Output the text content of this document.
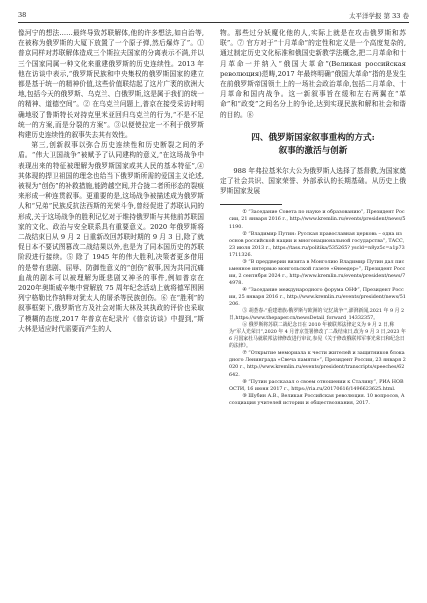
38	太平洋学报 第 33 卷

像河宁的想法……最终导致苏联解体,他的许多想法,如自治等,在被称为俄罗斯的大厦下放置了一个原子弹,然后爆炸了”。① 普京同样对苏联解体造成三个斯拉夫国家的分离表示不满,并以三个国家同属一种文化来重建俄罗斯的历史连续性。2013 年他在访谈中表示,“俄罗斯民族和中央集权的俄罗斯国家的建立都是基于统一的精神价值,这些价值联结起了这片广袤的欧洲大地,包括今天的俄罗斯、乌克兰、白俄罗斯,这是属于我们的统一的精神、道德空间”。② 在乌克兰问题上,普京在接受采访时明确地驳了鲁斯特长对持克里米亚回归乌克兰的行为,“不是不足统一的方案,而是分裂的方案”。③以便使拉定一不利于俄罗斯构建历史连续性的叙事失去其有效性。

第三,创新叙事以弥合历史连续性和历史断裂之间的矛盾。“伟大卫国战争”被赋予了认同建构的意义,“在这场战争中表现出来的特征被理解为俄罗斯国家或其人民的基本特征”,④ 其体现的捍卫祖国的理念也给当下俄罗斯所需的爱国主义论述,被视为“创伤”的补救措施,能跨越空间,并合拢二者所形态的裂痕来形成一种连贯叙事。更重要的是,这场战争被描述成为俄罗斯人和“兄弟”民族反抗法西斯的光荣斗争,曾经促进了苏联认同的形成,关于这场战争的胜利记忆对于维持俄罗斯与其他前苏联国家的文化、政治与安全联系具有重要意义。2020 年俄罗斯将二战结束日从 9 月 2 日重新改回苏联时期的 9 月 3 日,除了就促日本不要试图篡改二战结果以外,也是为了同本国历史的苏联阶段进行接续。⑤ 除了 1945 年的伟大胜利,决策者更多借用的是带有悲剧、屈辱、防御性意义的“创伤”叙事,因为共同沉痛血战的剧本可以被理解为既悲剧又神圣的事件,例如普京在 2020年奥斯威辛集中营解放 75 周年纪念活动上就将德军围困列宁格勒比作纳粹对犹太人的屠杀等民族创伤。⑥ 在“胜利”的叙事框架下,俄罗斯官方及社会对斯大林及其执政的评价也采取了模糊的态度,2017 年普京在纪录片《普京访谈》中提到,“斯大林是适应时代需要而产生的人

物。那些过分妖魔化他的人,实际上就是在攻击俄罗斯和苏联”。⑦ 官方对于“十月革命”的定性和定义是一个高度复杂的,通过制定历史文化标准和俄国史新教学法概念,把二月革命和十月革命一并纳入“俄国大革命”(Великая российская революция)范畴,2017 年最终明确“俄国大革命”指的是发生在前俄罗斯帝国领土上的一场社会政治革命,包括二月革命、十月革命和国内战争。这一新叙事旨在缓和左右两翼在“革命”和“政变”之间名分上的争论,达到实现民族和解和社会和谐的目的。⑧

四、俄罗斯国家叙事重构的方式:
叙事的激活与创新

988 年弗拉基米尔大公为俄罗斯人选择了基督教,为国家奠定了社会共识、国家荣誉、外部承认的长期基础。从历史上俄罗斯国家发展

① “Заседание Совета по науке и образованию”, Президент России, 21 января 2016 г., http://www.kremlin.ru/events/president/news/51190.

② “Владимир Путин: Русская православная церковь – одна из основ российской нации и многонациональной государства”, ТАСС, 23 июля 2013 г., https://tass.ru/politika/535265? yscld=n8yz5c=a1p731711326.

③ “В преддверии визита в Монголию Владимир Путин дал письменное интервью монгольской газете «Өнөөдөр»”, Президент России, 2 сентября 2024 г., http://www.kremlin.ru/events/president/news/74978.

④ “Заседание международного форума ОНФ”, Президент России, 25 января 2016 г., http://www.kremlin.ru/events/president/news/51206.

⑤ 胡荟春:“重建谱族:俄罗斯与欧洲的‘记忆战争’”,澎湃新闻,2021 年 9 月 2 日,https://www.thepaper.cn/newsDetail_forward_14332357。

⑥ 俄罗斯将苏联二战纪念日在 2010 年被联邦法律定义为 9 月 2 日,称为“军人光荣日”,2020 年 4 月普京签署修改了二战结束日,改为 9 月 3 日,2023 年 6 月国家杜马就联邦法律修改进行审议,参见《关于修改俄联邦军事光荣日和纪念日的法律》。

⑦ “Открытие мемориала к чести жителей и защитников блокадного Ленинграда «Свеча памяти»”, Президент России, 23 января 2020 г., http://www.kremlin.ru/events/president/transcripts/speeches/62642.

⑧ “Путин рассказал о своем отношении к Сталину”, РИА НОВОСТИ, 16 июня 2017 г., https://ria.ru/20170616/1496623625.html.

⑨ Шубин А.В., Великая Российская революция. 10 вопросов, Ассоциация учителей истории и обществознания, 2017.
